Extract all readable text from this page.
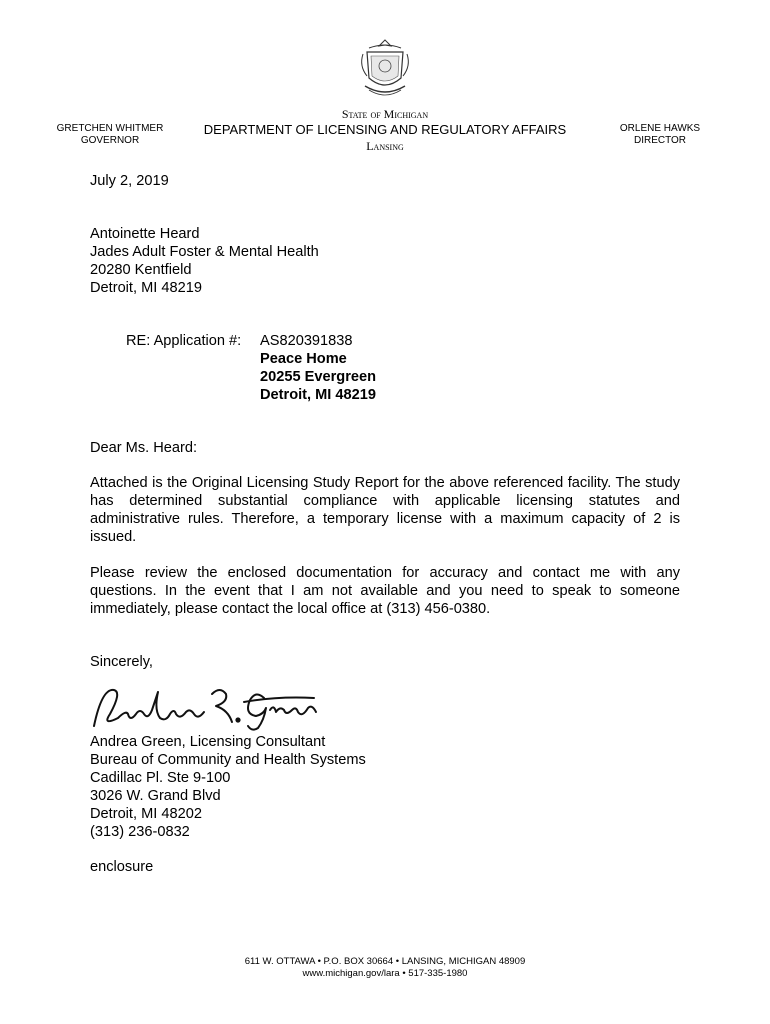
State of Michigan
DEPARTMENT OF LICENSING AND REGULATORY AFFAIRS
Lansing
GRETCHEN WHITMER
GOVERNOR
ORLENE HAWKS
DIRECTOR
July 2, 2019
Antoinette Heard
Jades Adult Foster & Mental Health
20280 Kentfield
Detroit, MI 48219
RE: Application #: AS820391838
Peace Home
20255 Evergreen
Detroit, MI 48219
Dear Ms. Heard:
Attached is the Original Licensing Study Report for the above referenced facility. The study has determined substantial compliance with applicable licensing statutes and administrative rules. Therefore, a temporary license with a maximum capacity of 2 is issued.
Please review the enclosed documentation for accuracy and contact me with any questions. In the event that I am not available and you need to speak to someone immediately, please contact the local office at (313) 456-0380.
Sincerely,
Andrea Green, Licensing Consultant
Bureau of Community and Health Systems
Cadillac Pl. Ste 9-100
3026 W. Grand Blvd
Detroit, MI 48202
(313) 236-0832
enclosure
611 W. OTTAWA • P.O. BOX 30664 • LANSING, MICHIGAN 48909
www.michigan.gov/lara • 517-335-1980
